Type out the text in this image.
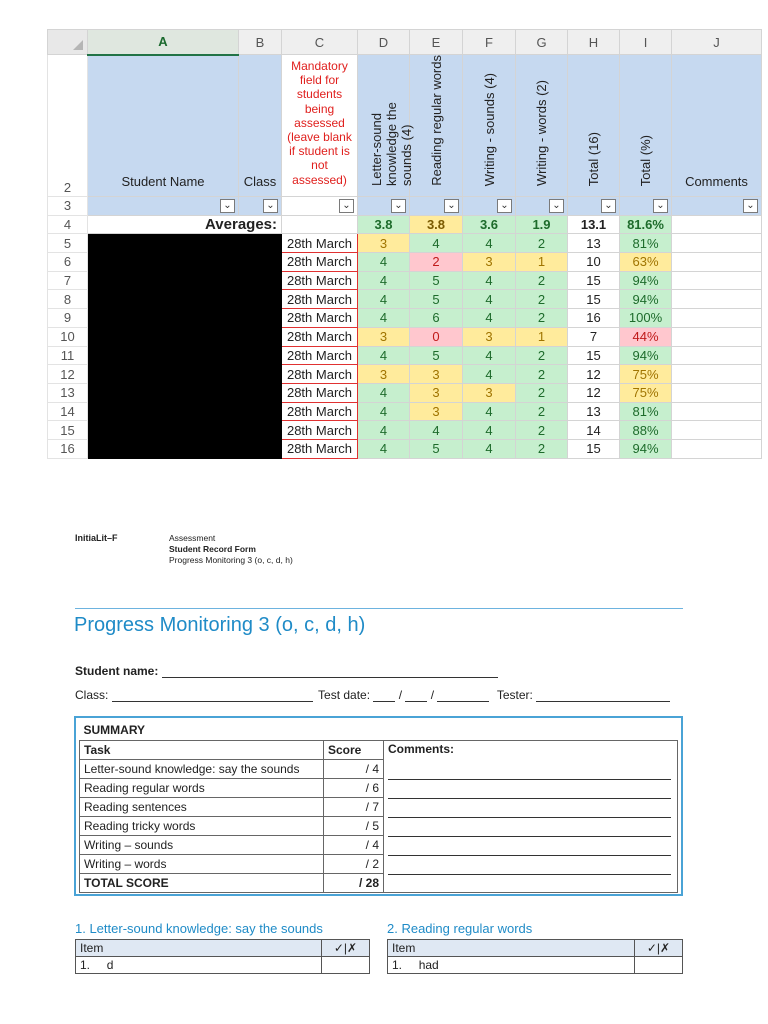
	A	B	C	D	E	F	G	H	I	J
2	Student Name	Class	Mandatory field for students being assessed (leave blank if student is not assessed)	Letter-sound knowledge the sounds (4)	Reading regular words	Writing - sounds (4)	Writing - words (2)	Total (16)	Total (%)	Comments

3	⌄	⌄	⌄	⌄	⌄	⌄	⌄	⌄	⌄	⌄

4	Averages:			3.8	3.8	3.6	1.9	13.1	81.6%	
5			28th March	3	4	4	2	13	81%	
6			28th March	4	2	3	1	10	63%	
7			28th March	4	5	4	2	15	94%	
8			28th March	4	5	4	2	15	94%	
9			28th March	4	6	4	2	16	100%	
10			28th March	3	0	3	1	7	44%	
11			28th March	4	5	4	2	15	94%	
12			28th March	3	3	4	2	12	75%	
13			28th March	4	3	3	2	12	75%	
14			28th March	4	3	4	2	13	81%	
15			28th March	4	4	4	2	14	88%	
16			28th March	4	5	4	2	15	94%	
InitiaLit–F	Assessment
Student Record Form
Progress Monitoring 3 (o, c, d, h)
Progress Monitoring 3 (o, c, d, h)
Student name:
Class:	Test date: / /	Tester:
SUMMARY		
Task	Score	Comments:

Letter-sound knowledge: say the sounds	/ 4	
Reading regular words	/ 6	
Reading sentences	/ 7	
Reading tricky words	/ 5	
Writing – sounds	/ 4	
Writing – words	/ 2	
TOTAL SCORE	/ 28	
1. Letter-sound knowledge: say the sounds
Item	✓|✗
1. d	
2. Reading regular words
Item	✓|✗
1. had	
